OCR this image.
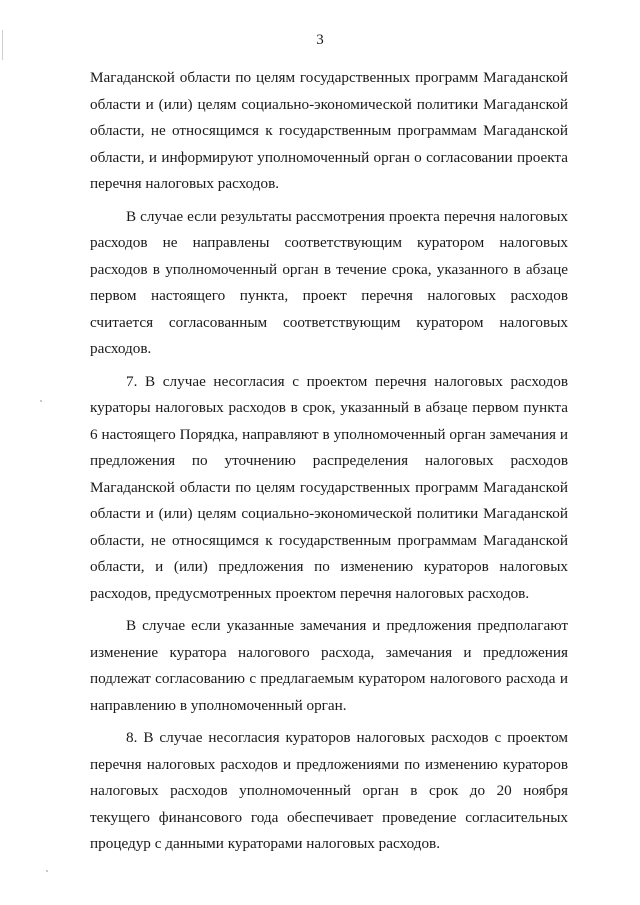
3

Магаданской области по целям государственных программ Магаданской области и (или) целям социально-экономической политики Магаданской области, не относящимся к государственным программам Магаданской области, и информируют уполномоченный орган о согласовании проекта перечня налоговых расходов.

В случае если результаты рассмотрения проекта перечня налоговых расходов не направлены соответствующим куратором налоговых расходов в уполномоченный орган в течение срока, указанного в абзаце первом настоящего пункта, проект перечня налоговых расходов считается согласованным соответствующим куратором налоговых расходов.

7. В случае несогласия с проектом перечня налоговых расходов кураторы налоговых расходов в срок, указанный в абзаце первом пункта 6 настоящего Порядка, направляют в уполномоченный орган замечания и предложения по уточнению распределения налоговых расходов Магаданской области по целям государственных программ Магаданской области и (или) целям социально-экономической политики Магаданской области, не относящимся к государственным программам Магаданской области, и (или) предложения по изменению кураторов налоговых расходов, предусмотренных проектом перечня налоговых расходов.

В случае если указанные замечания и предложения предполагают изменение куратора налогового расхода, замечания и предложения подлежат согласованию с предлагаемым куратором налогового расхода и направлению в уполномоченный орган.

8. В случае несогласия кураторов налоговых расходов с проектом перечня налоговых расходов и предложениями по изменению кураторов налоговых расходов уполномоченный орган в срок до 20 ноября текущего финансового года обеспечивает проведение согласительных процедур с данными кураторами налоговых расходов.
